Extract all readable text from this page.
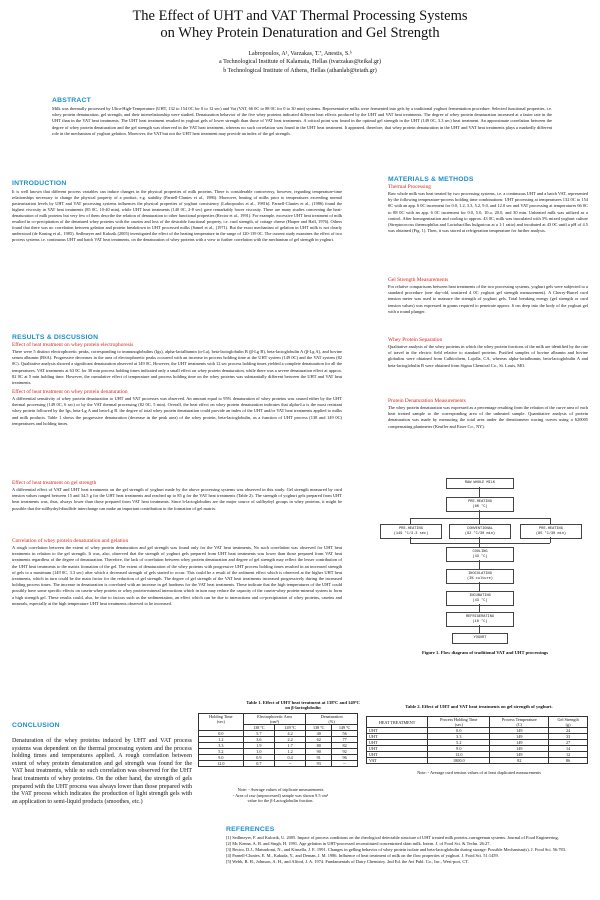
The Effect of UHT and VAT Thermal Processing Systems
on Whey Protein Denaturation and Gel Strength
Labropoulos, A¹, Varzakas, T.ª, Anestis, S.ᵇ
a Technological Institute of Kalamata, Hellas (tvarzakas@teikal.gr)
b Technological Institute of Athens, Hellas (athanlab@teiath.gr)
ABSTRACT
Milk was thermally processed by Ultra-High-Temperature (UHT, 132 to 154 0C for 0 to 12 sec) and Vat (VAT, 66 0C to 88 0C for 0 to 30 min) systems. Representative milks were fermented into gels by a traditional yoghurt fermentation procedure. Selected functional properties, i.e. whey protein denaturation, gel strength, and their interrelationship were studied. Denaturation behavior of the five whey proteins indicated different heat effects produced by the UHT and VAT heat treatments. The degree of whey protein denaturation increased at a faster rate in the UHT than in the VAT heat treatments. The UHT heat treatment resulted in yoghurt gels of lower strength than those of VAT heat treatments. A critical point was found in the optimal gel strength in the UHT (149 0C, 3.3 sec) heat treatment. An approximate correlation between the degree of whey protein denaturation and the gel strength was observed in the VAT heat treatment, whereas no such correlation was found in the UHT heat treatment. It appeared, therefore, that whey protein denaturation in the UHT and VAT heat treatments plays a markedly different role in the mechanism of yoghurt gelation. Moreover, the VAT but not the UHT heat treatment may provide an index of the gel strength.
INTRODUCTION
It is well known that different process variables can induce changes in the physical properties of milk proteins. There is considerable controversy, however, regarding temperature-time relationships necessary to change the physical property of a product, e.g. stability (Parnell-Clunies et al., 1986). Moreover, heating of milks prior to temperatures exceeding normal pasteurization levels by UHT and VAT processing systems influences the physical properties of yoghurt consistency (Labropoulos et al., 1981b). Parnell-Clunies et al., (1986) found the highest viscosity in VAT heat treatments (85 0C, 10-40 min), while UHT heat treatments (140 0C, 2-8 sec) gave remarkably lower viscosity. There are many studies concerning the heat-denaturation of milk proteins but very few of them describe the relation of denaturation to other functional properties (Rector et al., 1991). For example, excessive UHT heat treatment of milk resulted in co-precipitation of the denatured whey proteins with the caseins and loss of the desirable functional property, i.e. curd strength, of cottage cheese (Harper and Hall, 1976). Others found that there was no correlation between gelation and protein breakdown in UHT processed milks (Samel et al., (1971). But the exact mechanism of gelation in UHT milk is not clearly understood (de Koning et al., 1985). Sedlmeyer and Kulozik (2005) investigated the effect of the heating temperature in the range of 120-139 0C. The current study examines the effect of two process systems i.e. continuous UHT and batch VAT heat treatments, on the denaturation of whey proteins with a view to further correlation with the mechanism of gel strength in yoghurt.
RESULTS & DISCUSSION
Effect of heat treatment on whey protein electrophoresis
There were 5 distinct electrophoretic peaks, corresponding to immunoglobulins (Igs), alpha-lactalbumin (α-La), beta-lactoglobulin B (β-Lg B), beta-lactoglobulin A (β-Lg A), and bovine serum albumin (BSA). Progressive decreases in the area of electrophoretic peaks occurred with an increase in process holding time at the UHT system (149 0C) and the VAT system (82 0C). Qualitative analysis showed a significant denaturation observed at 149 0C. However, the UHT treatments with 12 sec process holding times yielded a complete denaturation for all the temperatures. VAT treatments at 63 0C for 30 min process holding times indicated only a small effect on whey protein denaturation, while there was a severe denaturation effect at approx. 82 0C at 5 min holding time. However, the cumulative effect of temperature and process holding time on the whey proteins was substantially different between the UHT and VAT heat treatments.
Effect of heat treatment on whey protein denaturation
A differential sensitivity of whey protein denaturation to UHT and VAT processes was observed. An amount equal to 95% denaturation of whey proteins was caused either by the UHT thermal processing (149 0C, 6 sec) or by the VAT thermal processing (82 0C, 5 min). Overall, the heat effect on whey protein denaturation indicates that alpha-La is the most resistant whey protein followed by the Igs, beta-Lg A and beta-Lg B. the degree of total whey protein denaturation could provide an index of the UHT and/or VAT heat treatments applied to milks and milk products. Table 1 shows the progressive denaturation (decrease in the peak area) of the whey protein, beta-lactoglobulin, as a function of UHT process (138 and 149 0C) temperatures and holding times.
Effect of heat treatment on gel strength
A differential effect of VAT and UHT heat treatments on the gel strength of yoghurt made by the above processing systems was observed in this study. Gel strength measured by curd tension values ranged between 15 and 34.5 g for the UHT heat treatments and reached up to 85 g for the VAT heat treatments (Table 2). The strength of yoghurt gels prepared from UHT heat treatments was, thus, always lower than those prepared from VAT heat treatments. Since b-lactoglobulins are the major source of sulfhydryl groups in whey proteins, it might be possible that the sulfhydryl-disulfide interchange can make an important contribution to the formation of gel matrix.
Correlation of whey protein denaturation and gelation
A rough correlation between the extent of whey protein denaturation and gel strength was found only for the VAT heat treatments. No such correlation was observed for UHT heat treatments in relation to the gel strength. It was, also, observed that the strength of yoghurt gels prepared from UHT heat treatments was lower than those prepared from VAT heat treatments regardless of the degree of denaturation. Therefore, the lack of correlation between whey protein denaturation and degree of gel strength may reflect the lesser contribution of the UHT heat treatments to the matrix formation of the gel. The extent of denaturation of the whey proteins with progressive UHT process holding times resulted in an increased strength of gels to a maximum (149 0C, 3.3 sec) after which a decreased strength of gels started to occur. This could be a result of the sediment effect which is observed at the higher UHT heat treatments, which in turn could be the main factor for the reduction of gel strength. The degree of gel strength of the VAT heat treatments increased progressively during the increased holding process times. The increase in denaturation is correlated with an increase in gel hardness for the VAT heat treatments. These indicate that the high temperatures of the UHT could possibly have some specific effects on casein-whey protein or whey protein-mineral interactions which in turn may reduce the capacity of the casein-whey protein-mineral system to form a high strength gel. These results could, also, be due to factors such as the sedimentation, an effect which can be due to interactions and co-precipitation of whey proteins, caseins and minerals, especially at the high temperature UHT heat treatments observed to be increased.
MATERIALS & METHODS
Thermal Processing
Raw whole milk was heat treated by two processing systems, i.e. a continuous UHT and a batch VAT, represented by the following temperature-process holding time combinations: UHT processing at temperatures 132 0C to 154 0C with an app. 6 0C increment for 0.0, 1.2, 3.3, 5.2, 9.0, and 12.0 sec and VAT processing at temperatures 66 0C to 88 0C with an app. 6 0C increment for 0.0, 5.0, 10.o, 20.0, and 30 min. Unheated milk was utilized as a control. After homogenization and cooling to approx. 43 0C, milk was inoculated with 3% mixed yoghurt culture (Streptococcus thermophilus and Lactobacillus bulgaricus at a 1:1 ratio) and incubated at 43 0C until a pH of 4.5 was obtained (Fig. 1). Then, it was stored at refrigeration temperature for further analysis.
Gel Strength Measurements
For relative comparisons between heat treatments of the two processing systems, yoghurt gels were subjected to a standard procedure (one day-old, unstirred 4 0C yoghurt gel strength measurement). A Cherry-Burrel curd tension meter was used to measure the strength of yoghurt gels. Total breaking energy (gel strength or curd tension values) was expressed in grams required to penetrate approx. 6 cm deep into the body of the yoghurt gel with a round plunger.
Whey Protein Separation
Qualitative analysis of the whey proteins in which the whey protein fractions of the milk are identified by the rate of travel in the electric field relative to standard proteins. Purified samples of bovine albumin and bovine globulins were obtained from Calbiochem, Lajolla, CA, whereas alpha-lactalbumin, beta-lactoglobulin A and beta-lactoglobulin B were obtained from Sigma Chemical Co., St. Louis, MO.
Protein Denaturation Measurements
The whey protein denaturation was expressed as a percentage resulting from the relation of the curve area of each heat treated sample to the corresponding area of the unheated sample. Quantitative analysis of protein denaturation was made by measuring the total area under the densitometer tracing curves using a 620005 compensating planimeter (Keuffer and Esser Co., NY).
RAW WHOLE MILK
PRE-HEATING
(60 °C)
PRE-HEATING
(149 °C/3.3 sec)
CONVENTIONAL
(82 °C/30 min)
PRE-HEATING
(85 °C/30 min)
COOLING
(43 °C)
INOCULATING
(3% culture)
INCUBATING
(43 °C)
REFRIGERATING
(10 °C)
YOGURT
Figure 1. Flow diagram of traditional VAT and UHT processings
CONCLUSION
Denaturation of the whey proteins induced by UHT and VAT process systems was dependent on the thermal processing system and the process holding times and temperatures applied. A rough correlation between extent of whey protein denaturation and gel strength was found for the VAT heat treatments, while no such correlation was observed for the UHT heat treatments of whey proteins. On the other hand, the strength of gels prepared with the UHT process was always lower than those prepared with the VAT process which indicates the production of light strength gels with an application to semi-liquid products (smoothes, etc.)
Table 1. Effect of UHT heat treatment at 138ºC and 149ºC
on β-lactoglobulin
Holding Time
(sec)	Electrophoretic Area
(cm²)		Denaturation
(%)	
	138 ºC	149 ºC	138 ºC	149 ºC
0.0	5.7	4.2	40	56
1.2	3.6	2.2	62	77
3.3	1.9	1.7	80	82
5.2	1.0	1.2	90	92
9.0	0.9	0.4	91	96
12.0	0.7	--	93	--
Note: - Average values of triplicate measurements
- Area of raw (unprocessed) sample was shown 9.5 cm²
value for the β-Lactoglobulin fraction.
Table 2. Effect of UHT and VAT heat treatments on gel strength of yoghurt.
HEAT TREATMENT	Process Holding Time
(sec)	Process Temperature
(C)	Gel Strength
(g)
UHT	0.0	149	24
UHT	3.3	149	33
UHT	5.2	149	27
UHT	9.0	149	14
UHT	12.0	149	12
VAT	1800.0	82	86
Note: - Average curd tension values of at least duplicated measurements
REFERENCES
[1] Sedlmeyer, F. and Kulozik, U. 2005. Impact of process conditions on the rheological detectable structure of UHT treated milk protein–carrageenan systems. Journal of Food Engineering,
[2] Mc Kenna, A. B. and Singh, H. 1991. Age gelation in UHT-processed reconstituted concentrated skim milk. Intern. J. of Food Sci. & Techn. 26:27.
[3] Rector, D.J., Matsudomi, N., and Kinsella, J. E. 1991. Changes in gelling behavior of whey protein isolate and beta-lactoglobulin during storage: Possible Mechanism(s). J. Food Sci. 56:783.
[4] Parnell-Clunies, E. M., Kakuda, Y., and Deman, J. M. 1986. Influence of heat treatment of milk on the flow properties of yoghurt. J. Food Sci. 51:1459.
[5] Webb, B. H., Johnson, A. H., and Alford, J. A. 1974. Fundamentals of Dairy Chemistry. 2nd Ed. the Avi Publ. Co., Inc., West-port, CT.
